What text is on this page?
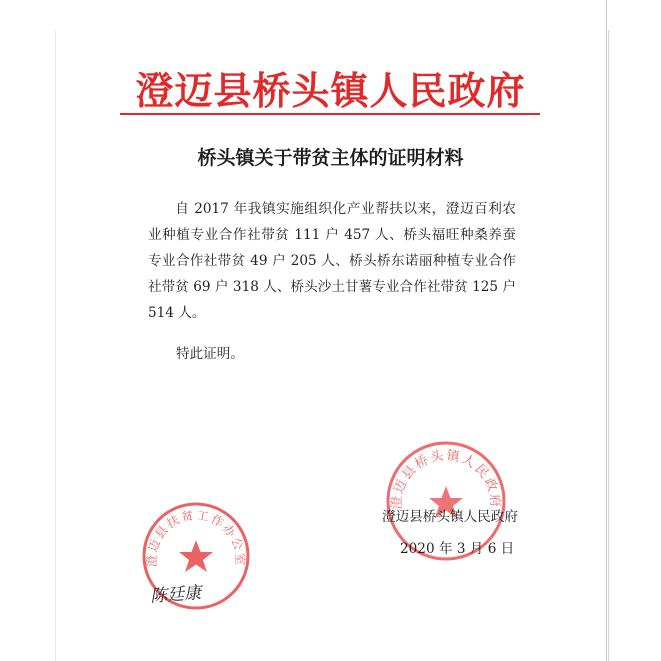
澄迈县桥头镇人民政府
桥头镇关于带贫主体的证明材料

自 2017 年我镇实施组织化产业帮扶以来，澄迈百利农业种植专业合作社带贫 111 户 457 人、桥头福旺种桑养蚕专业合作社带贫 49 户 205 人、桥头桥东诺丽种植专业合作社带贫 69 户 318 人、桥头沙土甘薯专业合作社带贫 125 户 514 人。

特此证明。
澄迈县扶贫工作办公室
澄迈县桥头镇人民政府
澄迈县桥头镇人民政府
2020 年 3 月 6 日
陈廷康
